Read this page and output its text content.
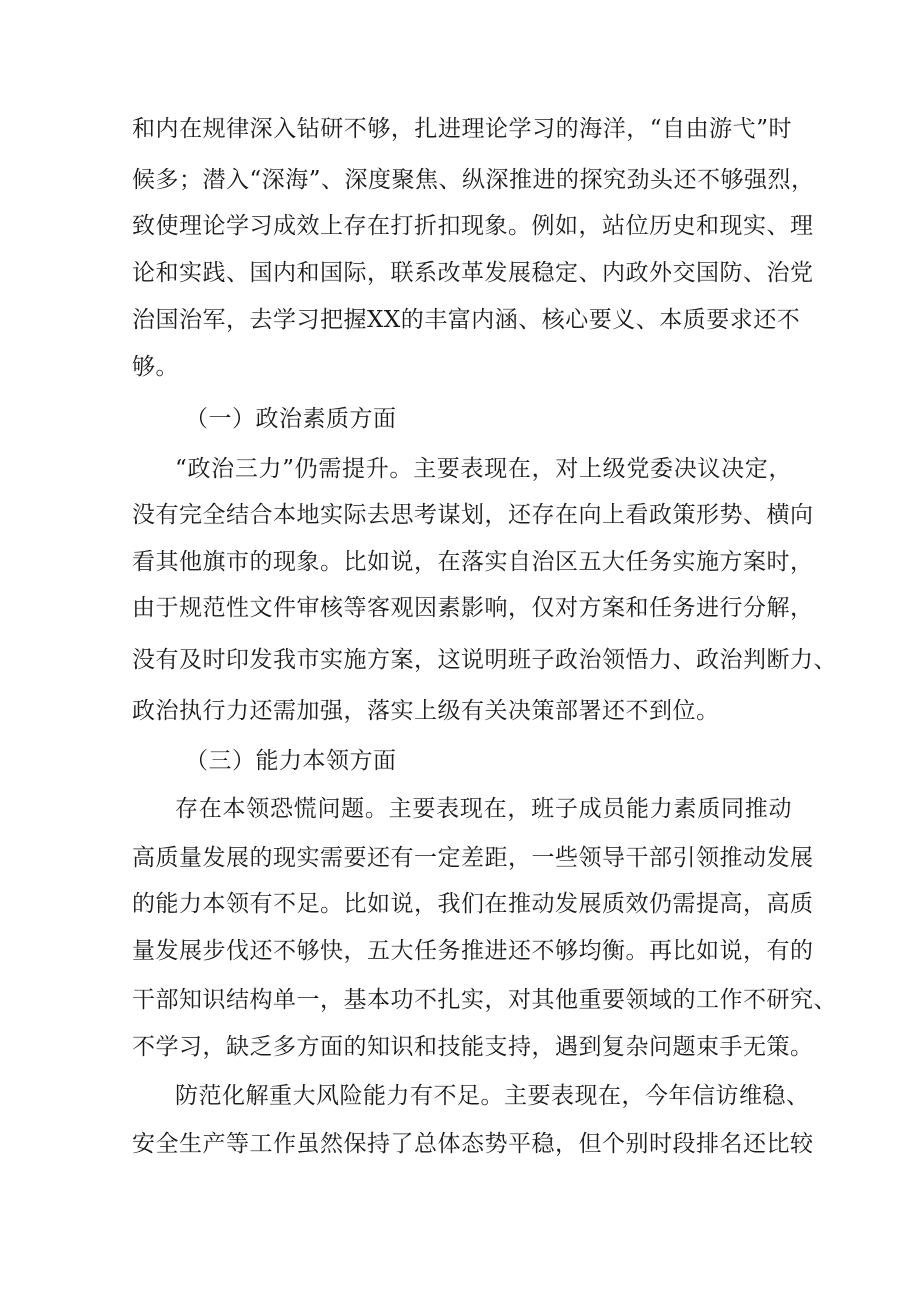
和内在规律深入钻研不够，扎进理论学习的海洋，“自由游弋”时
候多；潜入“深海”、深度聚焦、纵深推进的探究劲头还不够强烈，
致使理论学习成效上存在打折扣现象。例如，站位历史和现实、理
论和实践、国内和国际，联系改革发展稳定、内政外交国防、治党
治国治军，去学习把握XX的丰富内涵、核心要义、本质要求还不
够。
（一）政治素质方面
“政治三力”仍需提升。主要表现在，对上级党委决议决定，
没有完全结合本地实际去思考谋划，还存在向上看政策形势、横向
看其他旗市的现象。比如说，在落实自治区五大任务实施方案时，
由于规范性文件审核等客观因素影响，仅对方案和任务进行分解，
没有及时印发我市实施方案，这说明班子政治领悟力、政治判断力、
政治执行力还需加强，落实上级有关决策部署还不到位。
（三）能力本领方面
存在本领恐慌问题。主要表现在，班子成员能力素质同推动
高质量发展的现实需要还有一定差距，一些领导干部引领推动发展
的能力本领有不足。比如说，我们在推动发展质效仍需提高，高质
量发展步伐还不够快，五大任务推进还不够均衡。再比如说，有的
干部知识结构单一，基本功不扎实，对其他重要领域的工作不研究、
不学习，缺乏多方面的知识和技能支持，遇到复杂问题束手无策。
防范化解重大风险能力有不足。主要表现在，今年信访维稳、
安全生产等工作虽然保持了总体态势平稳，但个别时段排名还比较
